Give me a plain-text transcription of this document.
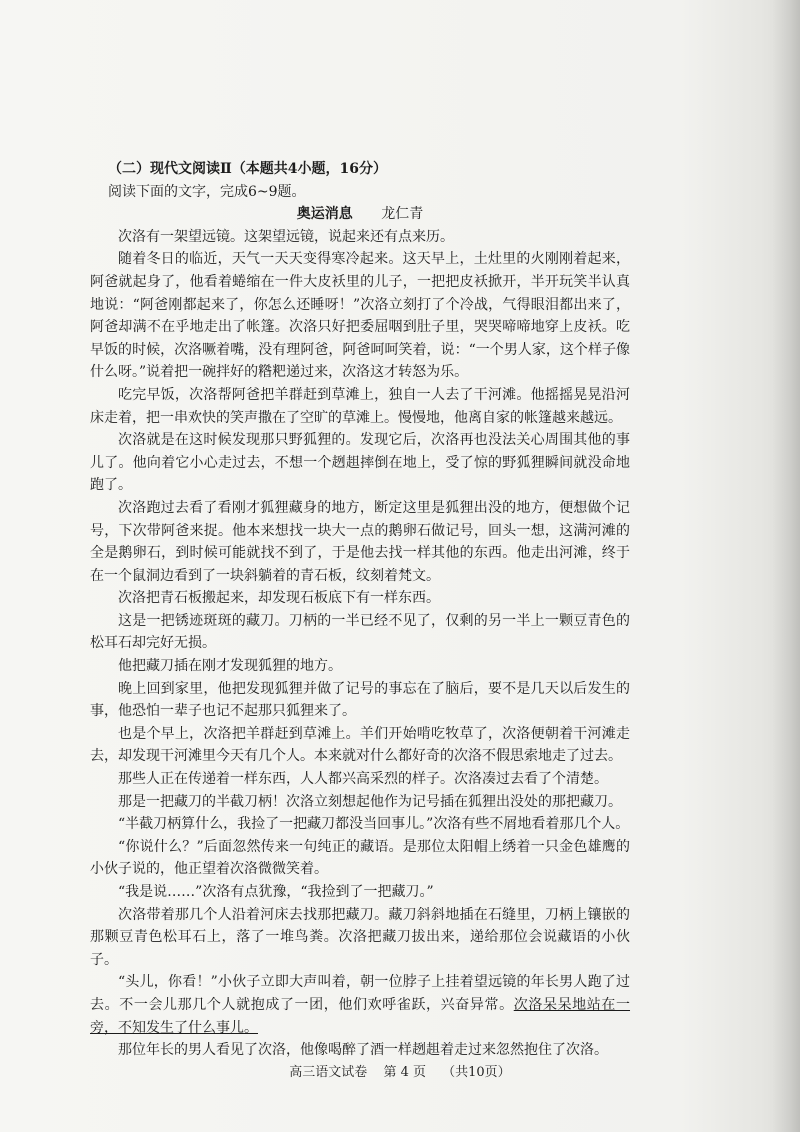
（二）现代文阅读Ⅱ（本题共4小题，16分）
阅读下面的文字，完成6~9题。
奥运消息 龙仁青

次洛有一架望远镜。这架望远镜，说起来还有点来历。

随着冬日的临近，天气一天天变得寒冷起来。这天早上，土灶里的火刚刚着起来，阿爸就起身了，他看着蜷缩在一件大皮袄里的儿子，一把把皮袄掀开，半开玩笑半认真地说：“阿爸刚都起来了，你怎么还睡呀！”次洛立刻打了个冷战，气得眼泪都出来了，阿爸却满不在乎地走出了帐篷。次洛只好把委屈咽到肚子里，哭哭啼啼地穿上皮袄。吃早饭的时候，次洛噘着嘴，没有理阿爸，阿爸呵呵笑着，说：“一个男人家，这个样子像什么呀。”说着把一碗拌好的糌粑递过来，次洛这才转怒为乐。

吃完早饭，次洛帮阿爸把羊群赶到草滩上，独自一人去了干河滩。他摇摇晃晃沿河床走着，把一串欢快的笑声撒在了空旷的草滩上。慢慢地，他离自家的帐篷越来越远。

次洛就是在这时候发现那只野狐狸的。发现它后，次洛再也没法关心周围其他的事儿了。他向着它小心走过去，不想一个趔趄摔倒在地上，受了惊的野狐狸瞬间就没命地跑了。

次洛跑过去看了看刚才狐狸藏身的地方，断定这里是狐狸出没的地方，便想做个记号，下次带阿爸来捉。他本来想找一块大一点的鹅卵石做记号，回头一想，这满河滩的全是鹅卵石，到时候可能就找不到了，于是他去找一样其他的东西。他走出河滩，终于在一个鼠洞边看到了一块斜躺着的青石板，纹刻着梵文。

次洛把青石板搬起来，却发现石板底下有一样东西。

这是一把锈迹斑斑的藏刀。刀柄的一半已经不见了，仅剩的另一半上一颗豆青色的松耳石却完好无损。

他把藏刀插在刚才发现狐狸的地方。

晚上回到家里，他把发现狐狸并做了记号的事忘在了脑后，要不是几天以后发生的事，他恐怕一辈子也记不起那只狐狸来了。

也是个早上，次洛把羊群赶到草滩上。羊们开始啃吃牧草了，次洛便朝着干河滩走去，却发现干河滩里今天有几个人。本来就对什么都好奇的次洛不假思索地走了过去。

那些人正在传递着一样东西，人人都兴高采烈的样子。次洛凑过去看了个清楚。

那是一把藏刀的半截刀柄！次洛立刻想起他作为记号插在狐狸出没处的那把藏刀。

“半截刀柄算什么，我捡了一把藏刀都没当回事儿。”次洛有些不屑地看着那几个人。

“你说什么？”后面忽然传来一句纯正的藏语。是那位太阳帽上绣着一只金色雄鹰的小伙子说的，他正望着次洛微微笑着。

“我是说……”次洛有点犹豫，“我捡到了一把藏刀。”

次洛带着那几个人沿着河床去找那把藏刀。藏刀斜斜地插在石缝里，刀柄上镶嵌的那颗豆青色松耳石上，落了一堆鸟粪。次洛把藏刀拔出来，递给那位会说藏语的小伙子。

“头儿，你看！”小伙子立即大声叫着，朝一位脖子上挂着望远镜的年长男人跑了过去。不一会儿那几个人就抱成了一团，他们欢呼雀跃，兴奋异常。次洛呆呆地站在一旁，不知发生了什么事儿。

那位年长的男人看见了次洛，他像喝醉了酒一样趔趄着走过来忽然抱住了次洛。

高三语文试卷 第 4 页 （共10页）
